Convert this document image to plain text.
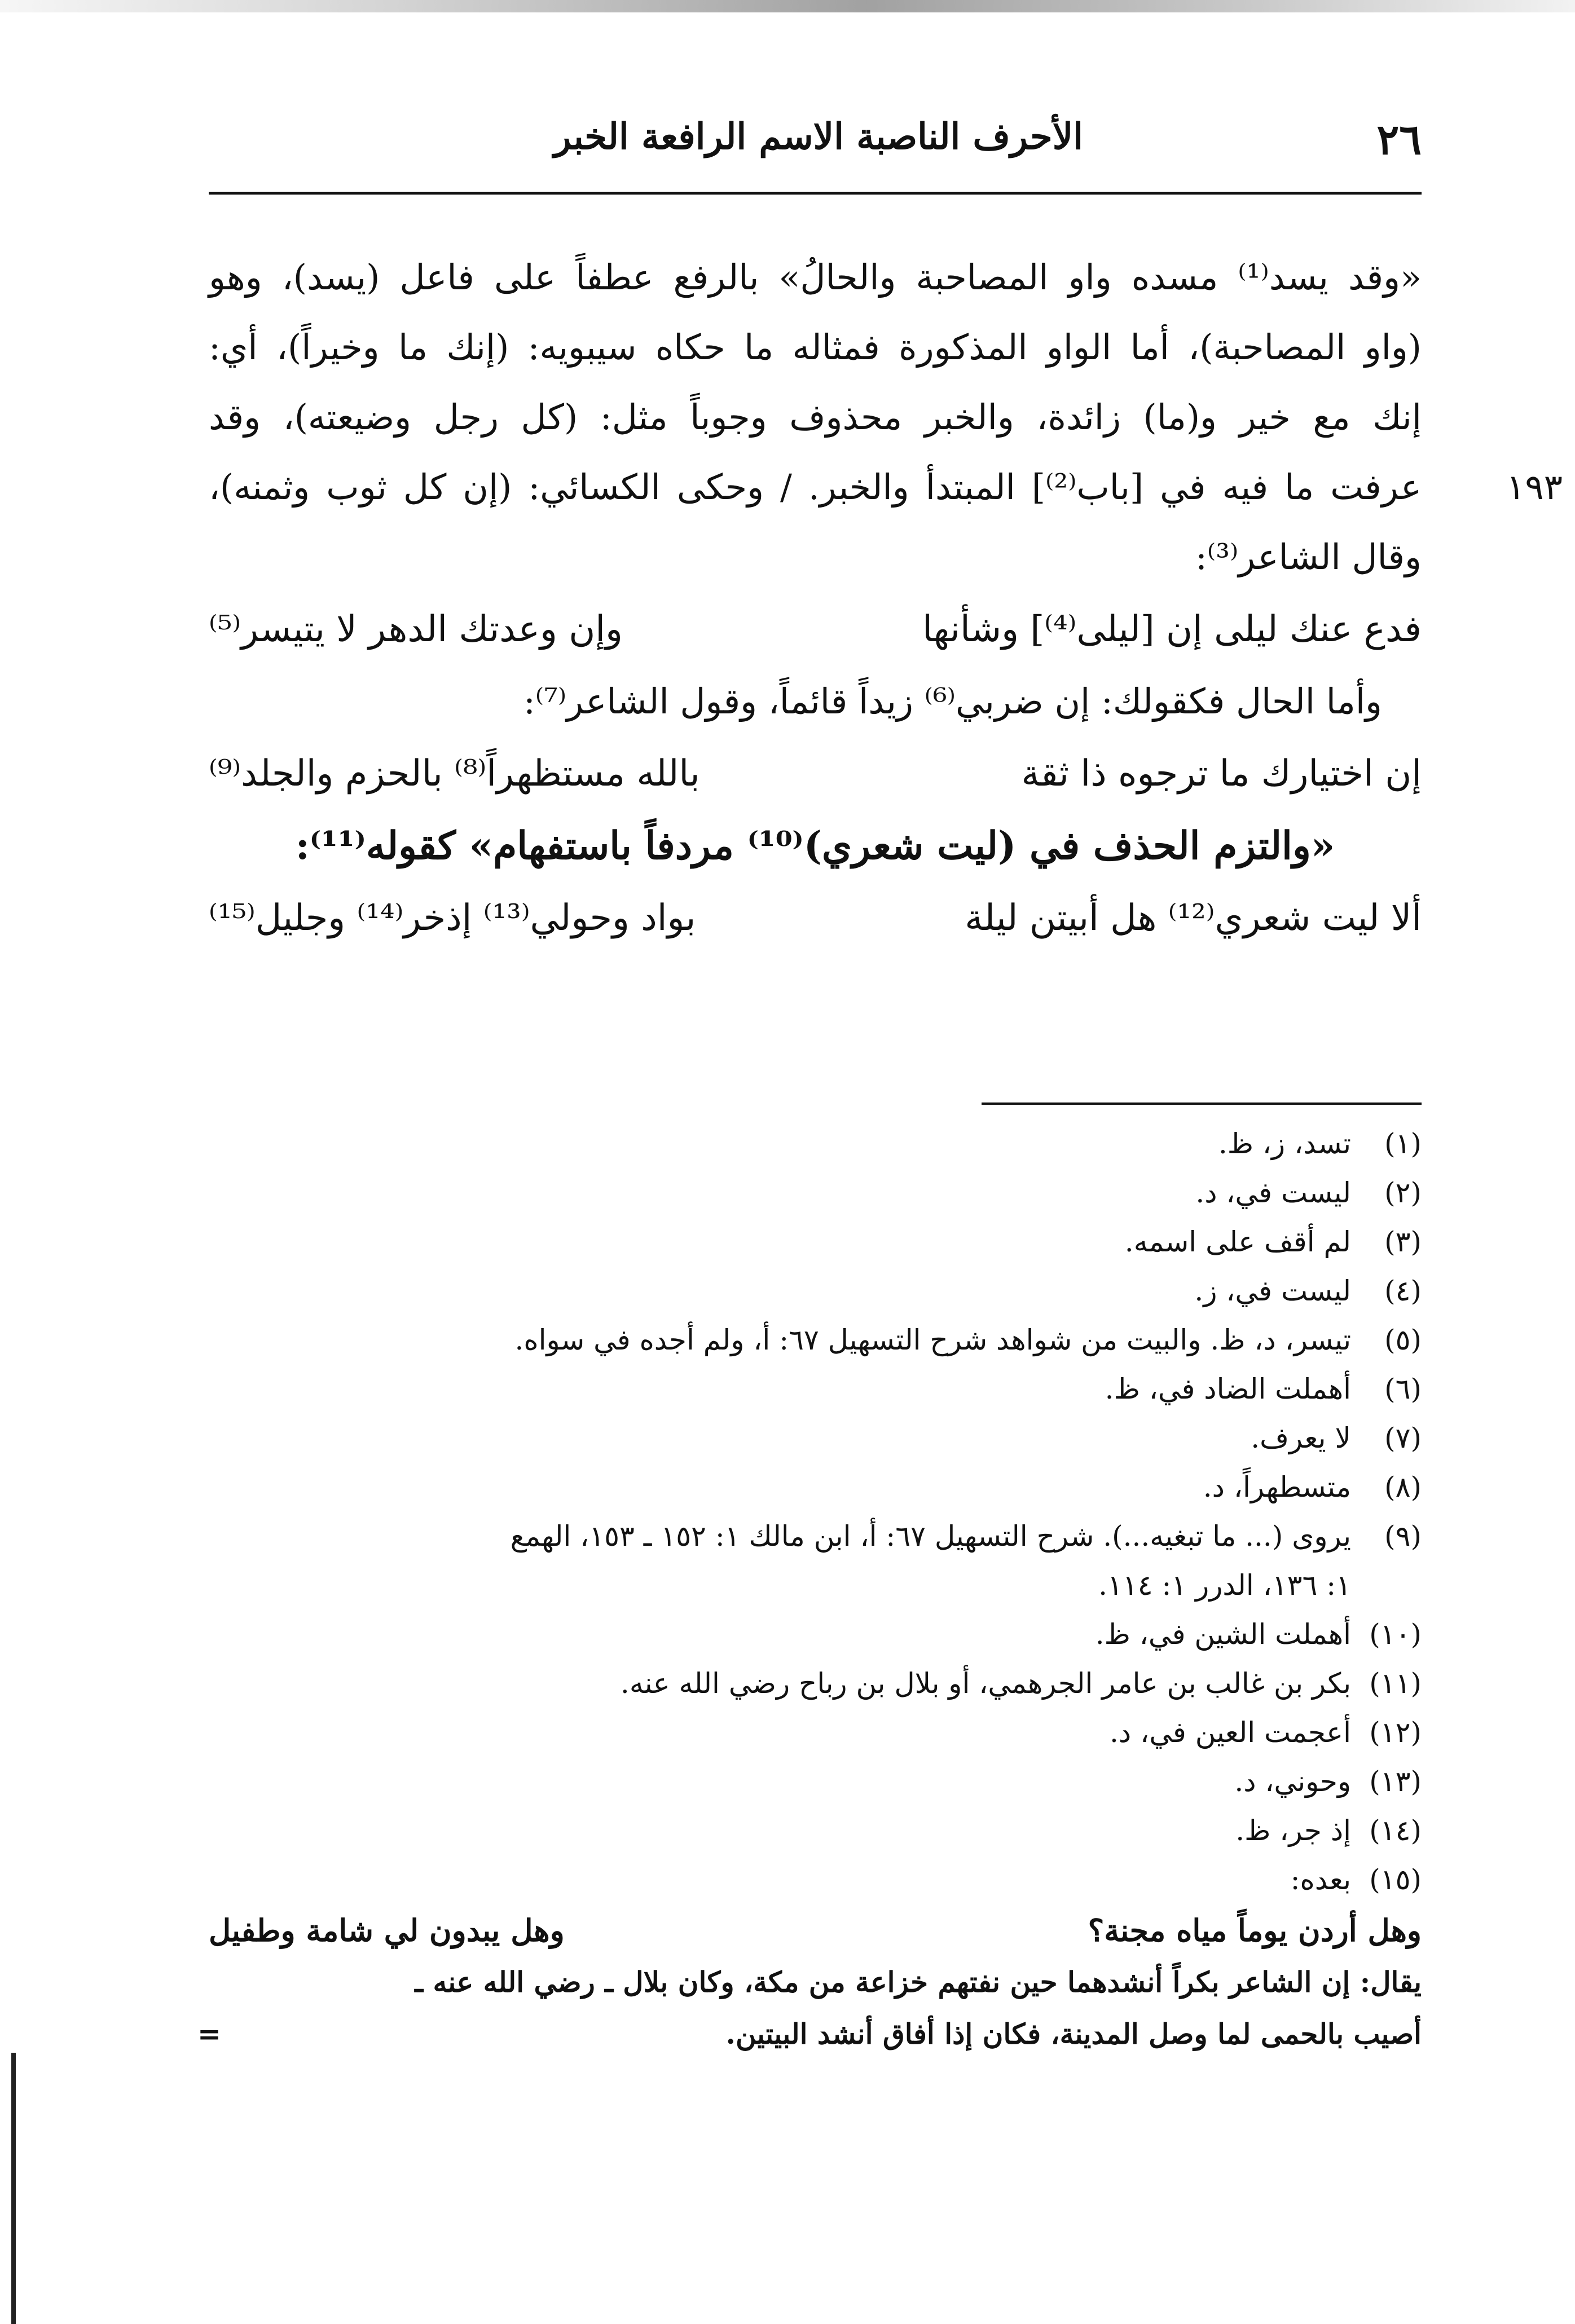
٢٦
الأحرف الناصبة الاسم الرافعة الخبر
«وقد يسد⁽¹⁾ مسده واو المصاحبة والحالُ» بالرفع عطفاً على فاعل (يسد)، وهو
(واو المصاحبة)، أما الواو المذكورة فمثاله ما حكاه سيبويه: (إنك ما وخيراً)، أي:
إنك مع خير و(ما) زائدة، والخبر محذوف وجوباً مثل: (كل رجل وضيعته)، وقد
عرفت ما فيه في [باب⁽²⁾] المبتدأ والخبر. / وحكى الكسائي: (إن كل ثوب وثمنه)، ١٩٣
وقال الشاعر⁽³⁾:
فدع عنك ليلى إن [ليلى⁽⁴⁾] وشأنها
وإن وعدتك الدهر لا يتيسر⁽⁵⁾
وأما الحال فكقولك: إن ضربي⁽⁶⁾ زيداً قائماً، وقول الشاعر⁽⁷⁾:
إن اختيارك ما ترجوه ذا ثقة
بالله مستظهراً⁽⁸⁾ بالحزم والجلد⁽⁹⁾
«والتزم الحذف في (ليت شعري)⁽¹⁰⁾ مردفاً باستفهام» كقوله⁽¹¹⁾:
ألا ليت شعري⁽¹²⁾ هل أبيتن ليلة
بواد وحولي⁽¹³⁾ إذخر⁽¹⁴⁾ وجليل⁽¹⁵⁾
(١)
تسد، ز، ظ.
(٢)
ليست في، د.
(٣)
لم أقف على اسمه.
(٤)
ليست في، ز.
(٥)
تيسر، د، ظ. والبيت من شواهد شرح التسهيل ٦٧: أ، ولم أجده في سواه.
(٦)
أهملت الضاد في، ظ.
(٧)
لا يعرف.
(٨)
متسطهراً، د.
(٩)
يروى (... ما تبغيه...). شرح التسهيل ٦٧: أ، ابن مالك ١: ١٥٢ ـ ١٥٣، الهمع
١: ١٣٦، الدرر ١: ١١٤.
(١٠)
أهملت الشين في، ظ.
(١١)
بكر بن غالب بن عامر الجرهمي، أو بلال بن رباح رضي الله عنه.
(١٢)
أعجمت العين في، د.
(١٣)
وحوني، د.
(١٤)
إذ جر، ظ.
(١٥)
بعده:
وهل أردن يوماً مياه مجنة؟
وهل يبدون لي شامة وطفيل
يقال: إن الشاعر بكراً أنشدهما حين نفتهم خزاعة من مكة، وكان بلال ـ رضي الله عنه ـ
أصيب بالحمى لما وصل المدينة، فكان إذا أفاق أنشد البيتين.
=
